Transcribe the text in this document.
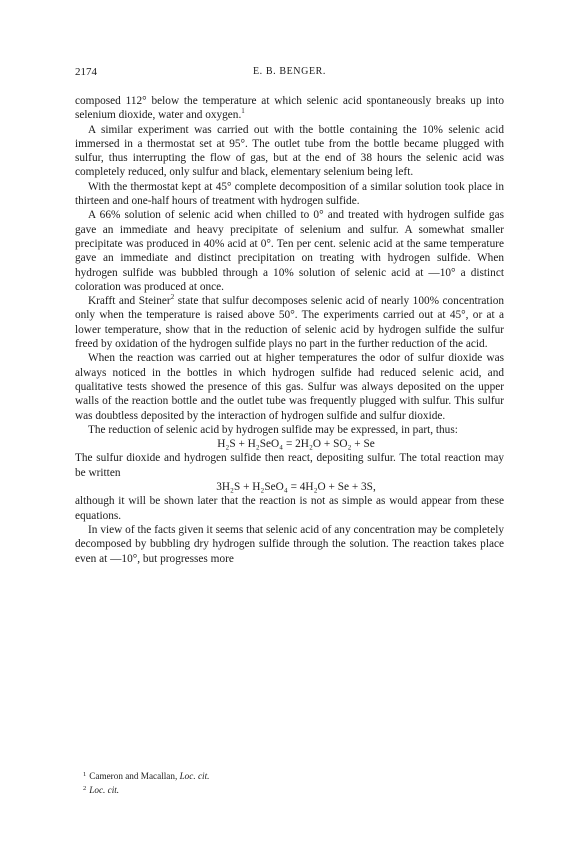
2174	E. B. BENGER.

composed 112° below the temperature at which selenic acid spontaneously breaks up into selenium dioxide, water and oxygen.$^1$

A similar experiment was carried out with the bottle containing the 10% selenic acid immersed in a thermostat set at 95°. The outlet tube from the bottle became plugged with sulfur, thus interrupting the flow of gas, but at the end of 38 hours the selenic acid was completely reduced, only sulfur and black, elementary selenium being left.

With the thermostat kept at 45° complete decomposition of a similar solution took place in thirteen and one-half hours of treatment with hydrogen sulfide.

A 66% solution of selenic acid when chilled to 0° and treated with hydrogen sulfide gas gave an immediate and heavy precipitate of selenium and sulfur. A somewhat smaller precipitate was produced in 40% acid at 0°. Ten per cent. selenic acid at the same temperature gave an immediate and distinct precipitation on treating with hydrogen sulfide. When hydrogen sulfide was bubbled through a 10% solution of selenic acid at —10° a distinct coloration was produced at once.

Krafft and Steiner$^2$ state that sulfur decomposes selenic acid of nearly 100% concentration only when the temperature is raised above 50°. The experiments carried out at 45°, or at a lower temperature, show that in the reduction of selenic acid by hydrogen sulfide the sulfur freed by oxidation of the hydrogen sulfide plays no part in the further reduction of the acid.

When the reaction was carried out at higher temperatures the odor of sulfur dioxide was always noticed in the bottles in which hydrogen sulfide had reduced selenic acid, and qualitative tests showed the presence of this gas. Sulfur was always deposited on the upper walls of the reaction bottle and the outlet tube was frequently plugged with sulfur. This sulfur was doubtless deposited by the interaction of hydrogen sulfide and sulfur dioxide.

The reduction of selenic acid by hydrogen sulfide may be expressed, in part, thus:

H₂S + H₂SeO₄ = 2H₂O + SO₂ + Se

The sulfur dioxide and hydrogen sulfide then react, depositing sulfur. The total reaction may be written

3H₂S + H₂SeO₄ = 4H₂O + Se + 3S,

although it will be shown later that the reaction is not as simple as would appear from these equations.

In view of the facts given it seems that selenic acid of any concentration may be completely decomposed by bubbling dry hydrogen sulfide through the solution. The reaction takes place even at —10°, but progresses more

$^1$ Cameron and Macallan, Loc. cit.
$^2$ Loc. cit.
